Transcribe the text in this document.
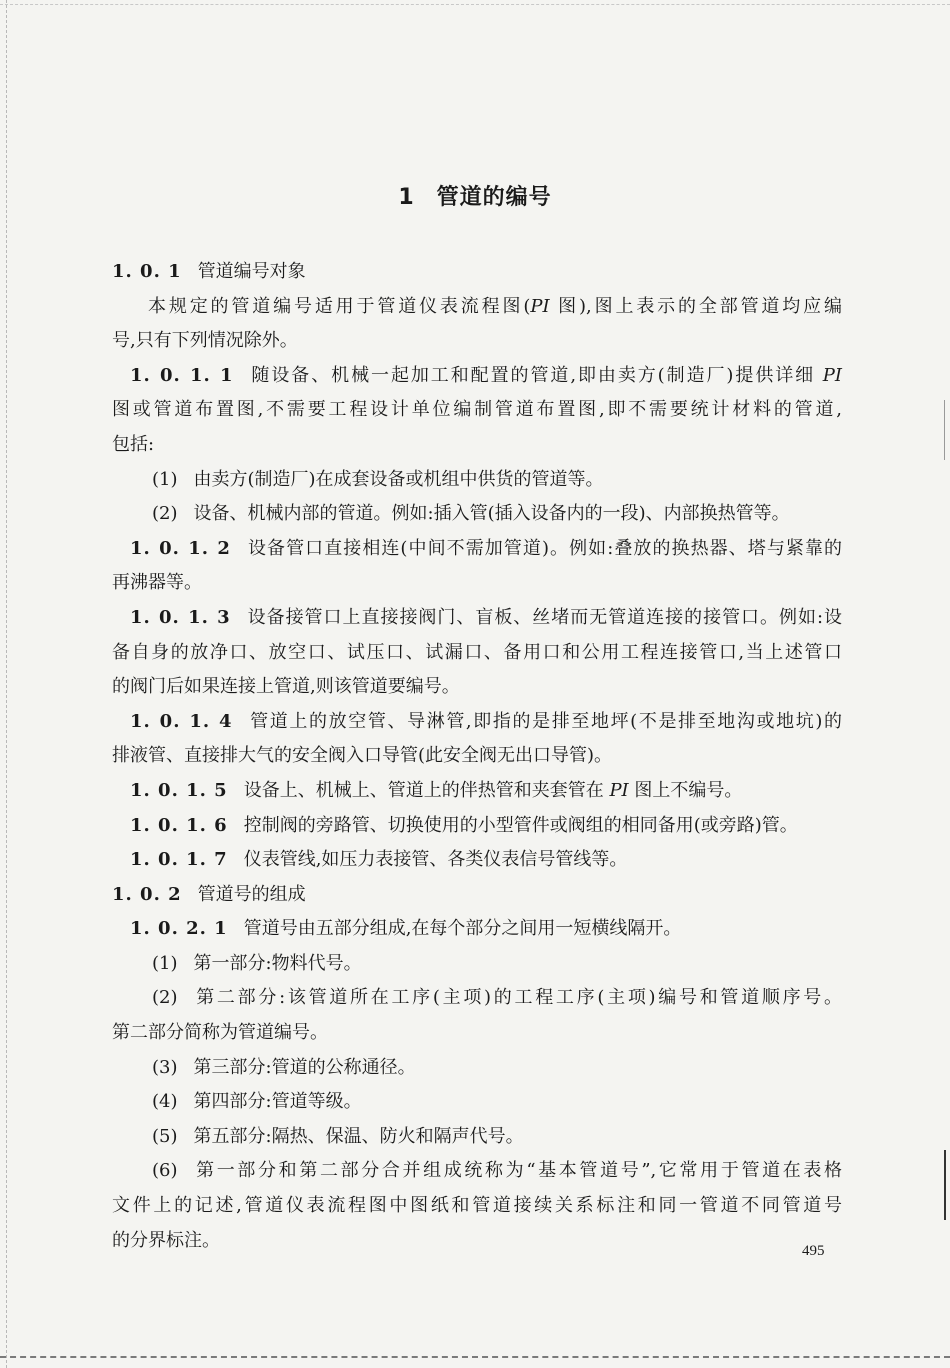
1 管道的编号
1. 0. 1 管道编号对象
本规定的管道编号适用于管道仪表流程图(PI 图),图上表示的全部管道均应编
号,只有下列情况除外。
1. 0. 1. 1 随设备、机械一起加工和配置的管道,即由卖方(制造厂)提供详细 PI
图或管道布置图,不需要工程设计单位编制管道布置图,即不需要统计材料的管道,
包括:
(1) 由卖方(制造厂)在成套设备或机组中供货的管道等。
(2) 设备、机械内部的管道。例如:插入管(插入设备内的一段)、内部换热管等。
1. 0. 1. 2 设备管口直接相连(中间不需加管道)。例如:叠放的换热器、塔与紧靠的
再沸器等。
1. 0. 1. 3 设备接管口上直接接阀门、盲板、丝堵而无管道连接的接管口。例如:设
备自身的放净口、放空口、试压口、试漏口、备用口和公用工程连接管口,当上述管口
的阀门后如果连接上管道,则该管道要编号。
1. 0. 1. 4 管道上的放空管、导淋管,即指的是排至地坪(不是排至地沟或地坑)的
排液管、直接排大气的安全阀入口导管(此安全阀无出口导管)。
1. 0. 1. 5 设备上、机械上、管道上的伴热管和夹套管在 PI 图上不编号。
1. 0. 1. 6 控制阀的旁路管、切换使用的小型管件或阀组的相同备用(或旁路)管。
1. 0. 1. 7 仪表管线,如压力表接管、各类仪表信号管线等。
1. 0. 2 管道号的组成
1. 0. 2. 1 管道号由五部分组成,在每个部分之间用一短横线隔开。
(1) 第一部分:物料代号。
(2) 第二部分:该管道所在工序(主项)的工程工序(主项)编号和管道顺序号。
第二部分简称为管道编号。
(3) 第三部分:管道的公称通径。
(4) 第四部分:管道等级。
(5) 第五部分:隔热、保温、防火和隔声代号。
(6) 第一部分和第二部分合并组成统称为“基本管道号”,它常用于管道在表格
文件上的记述,管道仪表流程图中图纸和管道接续关系标注和同一管道不同管道号
的分界标注。
495
